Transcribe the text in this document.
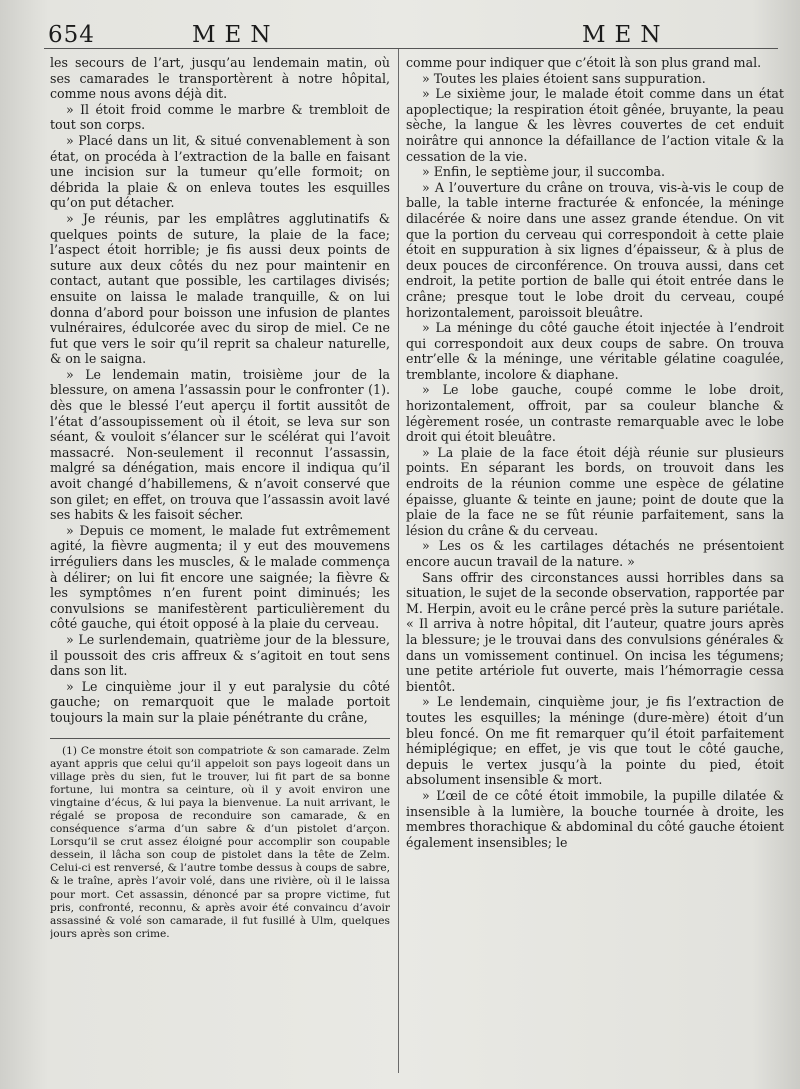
654	MEN	MEN

les secours de l’art, jusqu’au lendemain matin, où ses camarades le transportèrent à notre hôpital, comme nous avons déjà dit.

» Il étoit froid comme le marbre & trembloit de tout son corps.

» Placé dans un lit, & situé convenablement à son état, on procéda à l’extraction de la balle en faisant une incision sur la tumeur qu’elle formoit; on débrida la plaie & on enleva toutes les esquilles qu’on put détacher.

» Je réunis, par les emplâtres agglutinatifs & quelques points de suture, la plaie de la face; l’aspect étoit horrible; je fis aussi deux points de suture aux deux côtés du nez pour maintenir en contact, autant que possible, les cartilages divisés; ensuite on laissa le malade tranquille, & on lui donna d’abord pour boisson une infusion de plantes vulnéraires, édulcorée avec du sirop de miel. Ce ne fut que vers le soir qu’il reprit sa chaleur naturelle, & on le saigna.

» Le lendemain matin, troisième jour de la blessure, on amena l’assassin pour le confronter (1). dès que le blessé l’eut aperçu il fortit aussitôt de l’état d’assoupissement où il étoit, se leva sur son séant, & vouloit s’élancer sur le scélérat qui l’avoit massacré. Non-seulement il reconnut l’assassin, malgré sa dénégation, mais encore il indiqua qu’il avoit changé d’habillemens, & n’avoit conservé que son gilet; en effet, on trouva que l’assassin avoit lavé ses habits & les faisoit sécher.

» Depuis ce moment, le malade fut extrêmement agité, la fièvre augmenta; il y eut des mouvemens irréguliers dans les muscles, & le malade commença à délirer; on lui fit encore une saignée; la fièvre & les symptômes n’en furent point diminués; les convulsions se manifestèrent particulièrement du côté gauche, qui étoit opposé à la plaie du cerveau.

» Le surlendemain, quatrième jour de la blessure, il poussoit des cris affreux & s’agitoit en tout sens dans son lit.

» Le cinquième jour il y eut paralysie du côté gauche; on remarquoit que le malade portoit toujours la main sur la plaie pénétrante du crâne,

(1) Ce monstre étoit son compatriote & son camarade. Zelm ayant appris que celui qu’il appeloit son pays logeoit dans un village près du sien, fut le trouver, lui fit part de sa bonne fortune, lui montra sa ceinture, où il y avoit environ une vingtaine d’écus, & lui paya la bienvenue. La nuit arrivant, le régalé se proposa de reconduire son camarade, & en conséquence s’arma d’un sabre & d’un pistolet d’arçon. Lorsqu’il se crut assez éloigné pour accomplir son coupable dessein, il lâcha son coup de pistolet dans la tête de Zelm. Celui-ci est renversé, & l’autre tombe dessus à coups de sabre, & le traîne, après l’avoir volé, dans une rivière, où il le laissa pour mort. Cet assassin, dénoncé par sa propre victime, fut pris, confronté, reconnu, & après avoir été convaincu d’avoir assassiné & volé son camarade, il fut fusillé à Ulm, quelques jours après son crime.

comme pour indiquer que c’étoit là son plus grand mal.

» Toutes les plaies étoient sans suppuration.

» Le sixième jour, le malade étoit comme dans un état apoplectique; la respiration étoit gênée, bruyante, la peau sèche, la langue & les lèvres couvertes de cet enduit noirâtre qui annonce la défaillance de l’action vitale & la cessation de la vie.

» Enfin, le septième jour, il succomba.

» A l’ouverture du crâne on trouva, vis-à-vis le coup de balle, la table interne fracturée & enfoncée, la méninge dilacérée & noire dans une assez grande étendue. On vit que la portion du cerveau qui correspondoit à cette plaie étoit en suppuration à six lignes d’épaisseur, & à plus de deux pouces de circonférence. On trouva aussi, dans cet endroit, la petite portion de balle qui étoit entrée dans le crâne; presque tout le lobe droit du cerveau, coupé horizontalement, paroissoit bleuâtre.

» La méninge du côté gauche étoit injectée à l’endroit qui correspondoit aux deux coups de sabre. On trouva entr’elle & la méninge, une véritable gélatine coagulée, tremblante, incolore & diaphane.

» Le lobe gauche, coupé comme le lobe droit, horizontalement, offroit, par sa couleur blanche & légèrement rosée, un contraste remarquable avec le lobe droit qui étoit bleuâtre.

» La plaie de la face étoit déjà réunie sur plusieurs points. En séparant les bords, on trouvoit dans les endroits de la réunion comme une espèce de gélatine épaisse, gluante & teinte en jaune; point de doute que la plaie de la face ne se fût réunie parfaitement, sans la lésion du crâne & du cerveau.

» Les os & les cartilages détachés ne présentoient encore aucun travail de la nature. »

Sans offrir des circonstances aussi horribles dans sa situation, le sujet de la seconde observation, rapportée par M. Herpin, avoit eu le crâne percé près la suture pariétale. « Il arriva à notre hôpital, dit l’auteur, quatre jours après la blessure; je le trouvai dans des convulsions générales & dans un vomissement continuel. On incisa les tégumens; une petite artériole fut ouverte, mais l’hémorragie cessa bientôt.

» Le lendemain, cinquième jour, je fis l’extraction de toutes les esquilles; la méninge (dure-mère) étoit d’un bleu foncé. On me fit remarquer qu’il étoit parfaitement hémiplégique; en effet, je vis que tout le côté gauche, depuis le vertex jusqu’à la pointe du pied, étoit absolument insensible & mort.

» L’œil de ce côté étoit immobile, la pupille dilatée & insensible à la lumière, la bouche tournée à droite, les membres thorachique & abdominal du côté gauche étoient également insensibles; le
